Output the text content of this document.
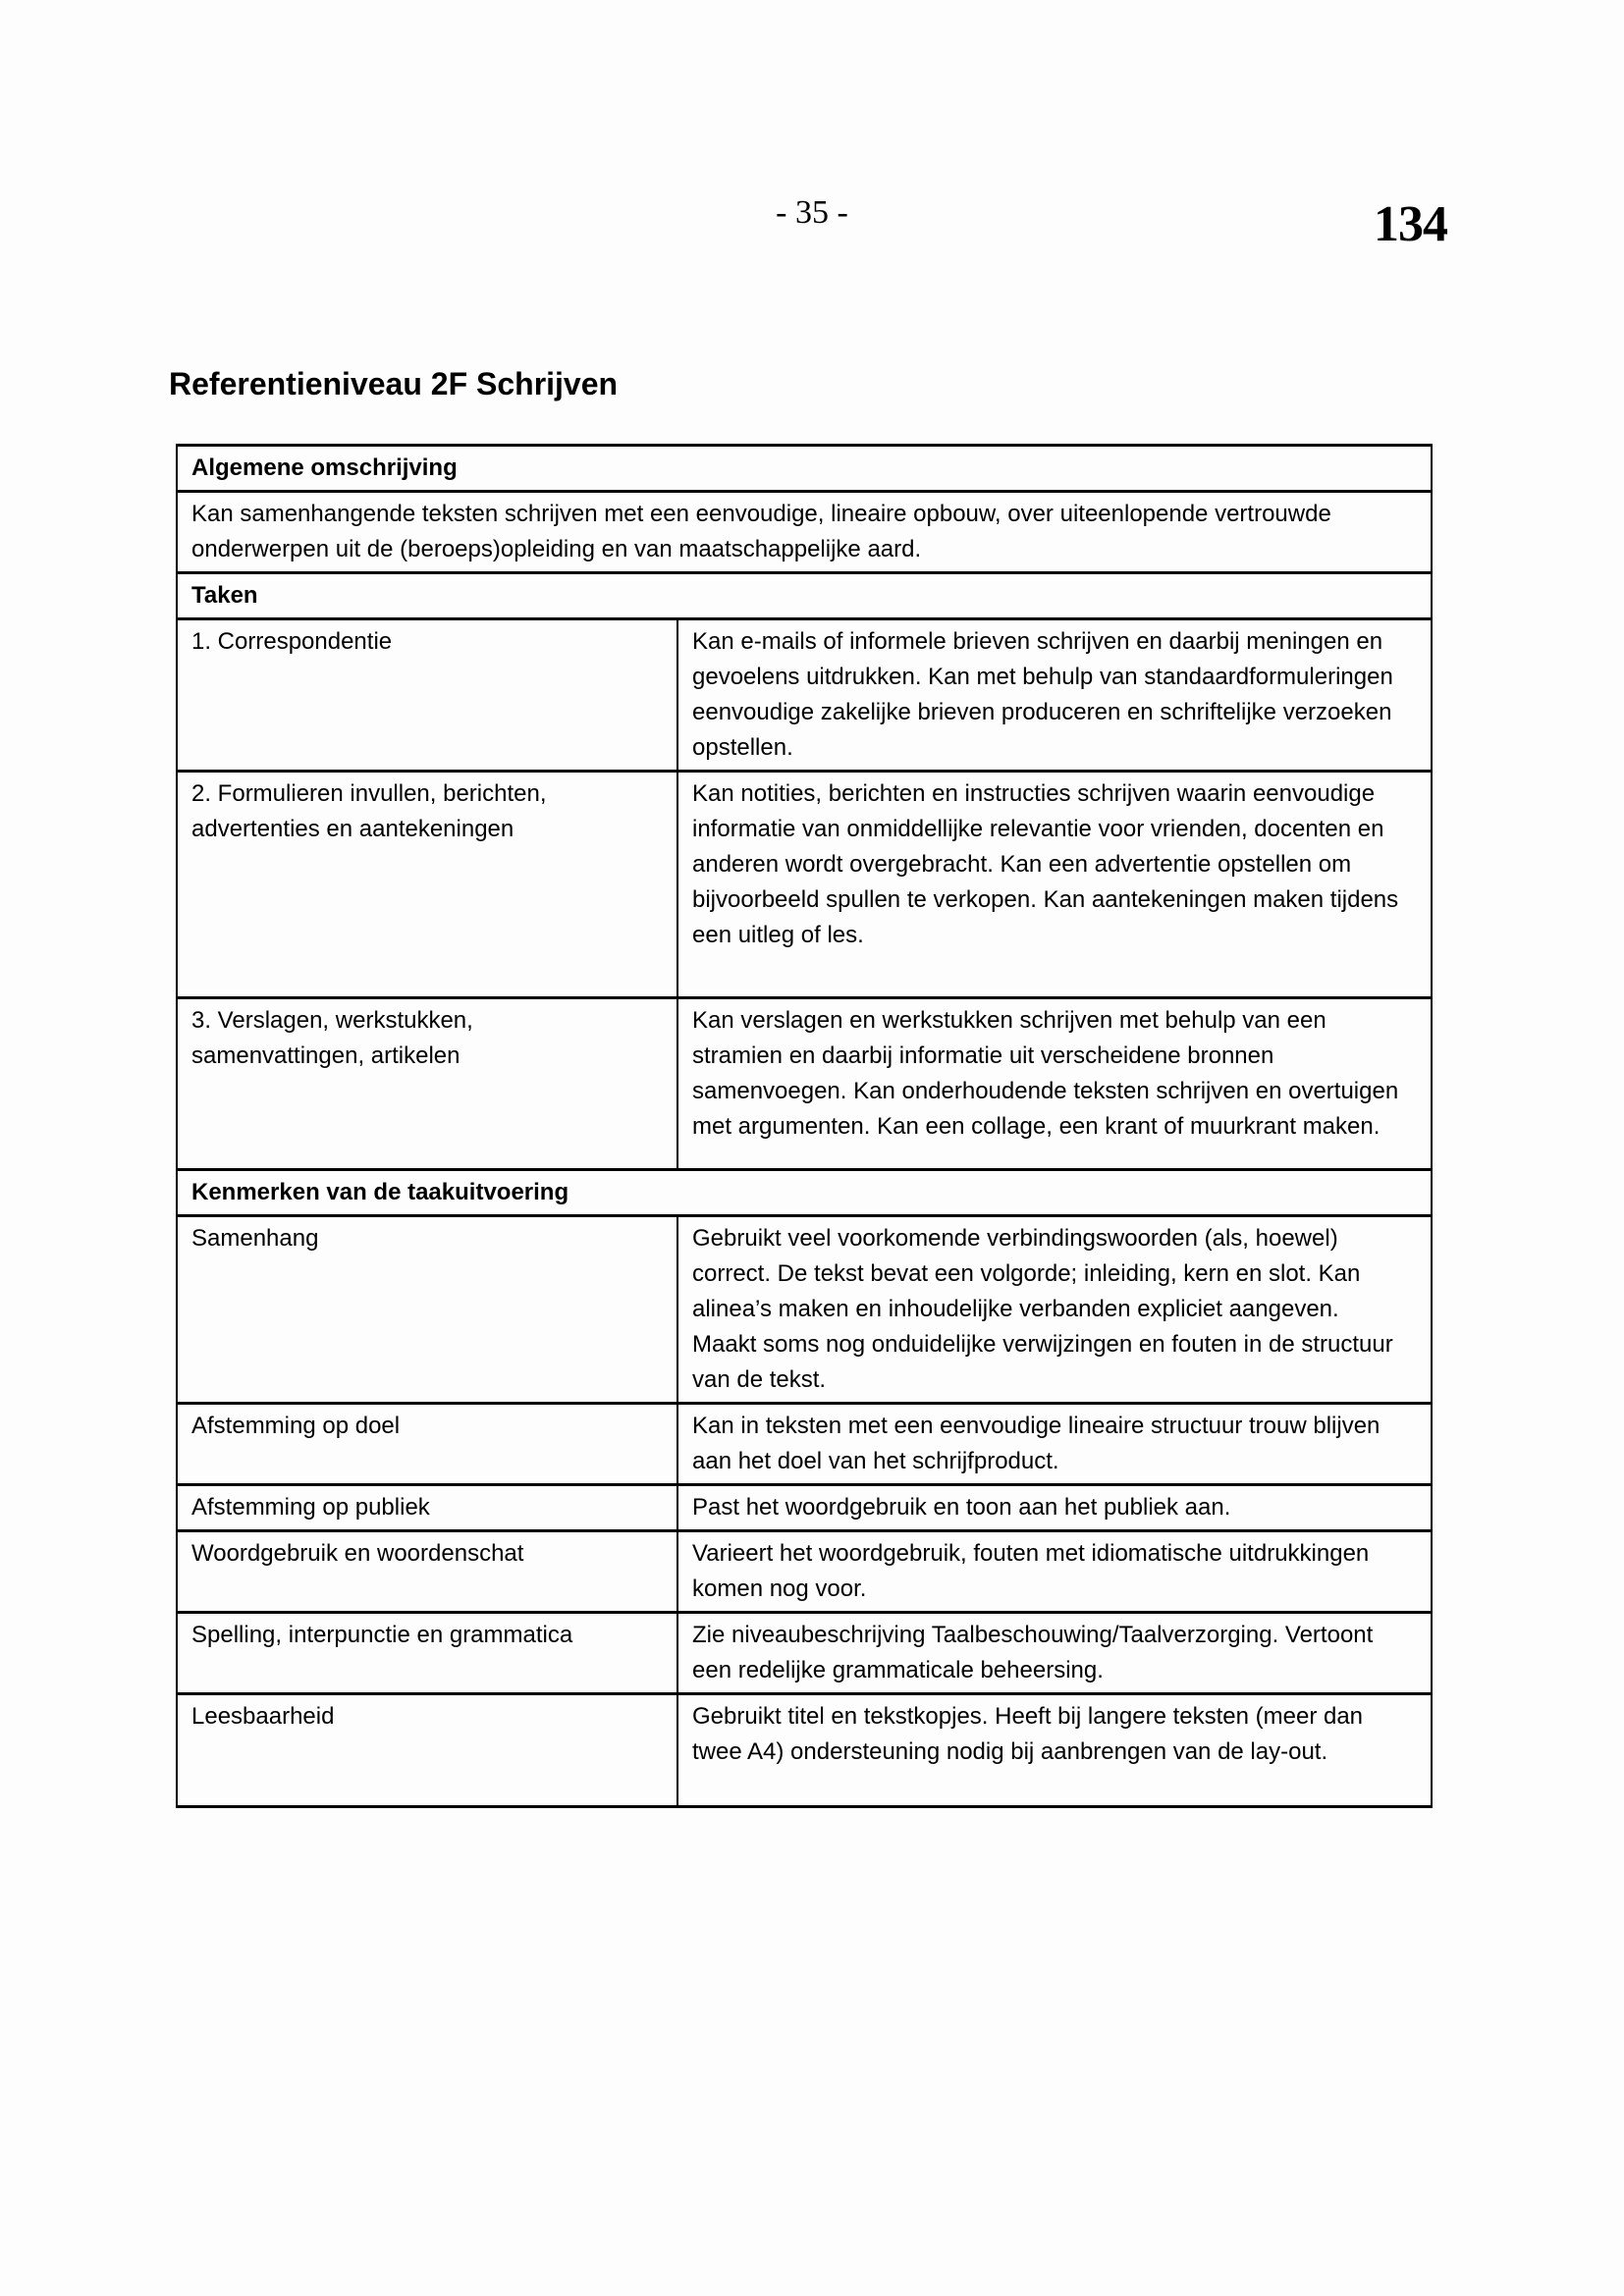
- 35 -	134
Referentieniveau 2F Schrijven
Algemene omschrijving	
Kan samenhangende teksten schrijven met een eenvoudige, lineaire opbouw, over uiteenlopende vertrouwde onderwerpen uit de (beroeps)opleiding en van maatschappelijke aard.	
Taken	
1. Correspondentie	Kan e-mails of informele brieven schrijven en daarbij meningen en gevoelens uitdrukken. Kan met behulp van standaardformuleringen eenvoudige zakelijke brieven produceren en schriftelijke verzoeken opstellen.
2. Formulieren invullen, berichten, advertenties en aantekeningen	Kan notities, berichten en instructies schrijven waarin eenvoudige informatie van onmiddellijke relevantie voor vrienden, docenten en anderen wordt overgebracht. Kan een advertentie opstellen om bijvoorbeeld spullen te verkopen. Kan aantekeningen maken tijdens een uitleg of les.
3. Verslagen, werkstukken, samenvattingen, artikelen	Kan verslagen en werkstukken schrijven met behulp van een stramien en daarbij informatie uit verscheidene bronnen samenvoegen. Kan onderhoudende teksten schrijven en overtuigen met argumenten. Kan een collage, een krant of muurkrant maken.
Kenmerken van de taakuitvoering	
Samenhang	Gebruikt veel voorkomende verbindingswoorden (als, hoewel) correct. De tekst bevat een volgorde; inleiding, kern en slot. Kan alinea’s maken en inhoudelijke verbanden expliciet aangeven. Maakt soms nog onduidelijke verwijzingen en fouten in de structuur van de tekst.
Afstemming op doel	Kan in teksten met een eenvoudige lineaire structuur trouw blijven aan het doel van het schrijfproduct.
Afstemming op publiek	Past het woordgebruik en toon aan het publiek aan.
Woordgebruik en woordenschat	Varieert het woordgebruik, fouten met idiomatische uitdrukkingen komen nog voor.
Spelling, interpunctie en grammatica	Zie niveaubeschrijving Taalbeschouwing/Taalverzorging. Vertoont een redelijke grammaticale beheersing.
Leesbaarheid	Gebruikt titel en tekstkopjes. Heeft bij langere teksten (meer dan twee A4) ondersteuning nodig bij aanbrengen van de lay-out.
